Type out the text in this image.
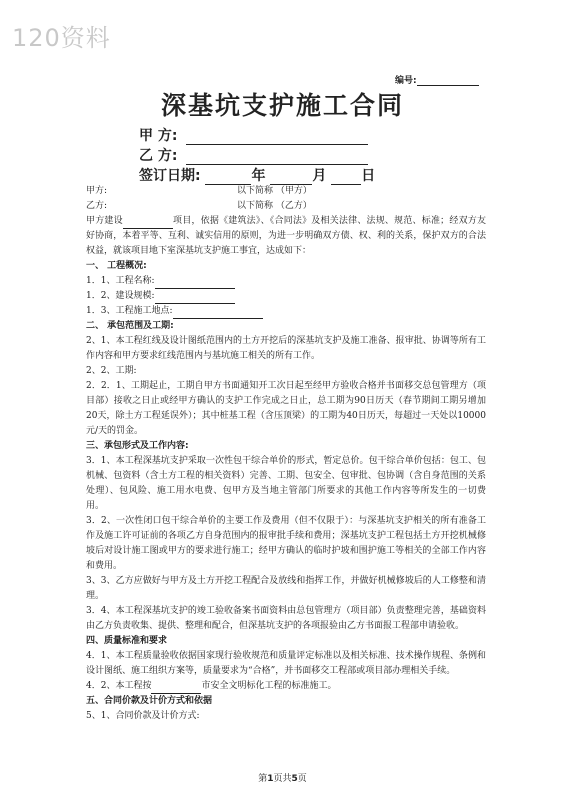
120资料
编号:
深基坑支护施工合同
甲 方:
乙 方:
签订日期:	年	月 日

甲方:	以下简称 （甲方）

乙方:	以下简称 （乙方）

甲方建设	项目，依据《建筑法》、《合同法》及相关法律、法规、规范、标准；经双方友好协商，本着平等、互利、诚实信用的原则，为进一步明确双方债、权、利的关系，保护双方的合法权益，就该项目地下室深基坑支护施工事宜，达成如下：

一、 工程概况:

1．1、工程名称:

1．2、建设规模:

1．3、工程施工地点:

二、 承包范围及工期:

2、1、本工程红线及设计图纸范围内的土方开挖后的深基坑支护及施工准备、报审批、协调等所有工作内容和甲方要求红线范围内与基坑施工相关的所有工作。

2、2、工期:

2．2．1、工期起止，工期自甲方书面通知开工次日起至经甲方验收合格并书面移交总包管理方（项目部）接收之日止或经甲方确认的支护工作完成之日止，总工期为90日历天（春节期间工期另增加20天，除土方工程延误外）；其中桩基工程（含压顶梁）的工期为40日历天，每超过一天处以10000元/天的罚金。

三、承包形式及工作内容:

3．1、本工程深基坑支护采取一次性包干综合单价的形式，暂定总价。包干综合单价包括：包工、包机械、包资料（含土方工程的相关资料）完善、工期、包安全、包审批、包协调（含自身范围的关系处理）、包风险、施工用水电费、包甲方及当地主管部门所要求的其他工作内容等所发生的一切费用。

3．2、一次性闭口包干综合单价的主要工作及费用（但不仅限于）：与深基坑支护相关的所有准备工作及施工许可证前的各项乙方自身范围内的报审批手续和费用；深基坑支护工程包括土方开挖机械修坡后对设计施工图或甲方的要求进行施工；经甲方确认的临时护坡和围护施工等相关的全部工作内容和费用。

3、3、乙方应做好与甲方及土方开挖工程配合及放线和指挥工作，并做好机械修坡后的人工修整和清理。

3．4、本工程深基坑支护的竣工验收备案书面资料由总包管理方（项目部）负责整理完善，基础资料由乙方负责收集、提供、整理和配合，但深基坑支护的各项报验由乙方书面报工程部申请验收。

四、质量标准和要求

4．1、本工程质量验收依据国家现行验收规范和质量评定标准以及相关标准、技术操作规程、条例和设计图纸、施工组织方案等，质量要求为“合格”，并书面移交工程部或项目部办理相关手续。

4．2、本工程按	市安全文明标化工程的标准施工。

五、合同价款及计价方式和依据

5、1、合同价款及计价方式:

第1页共5页
